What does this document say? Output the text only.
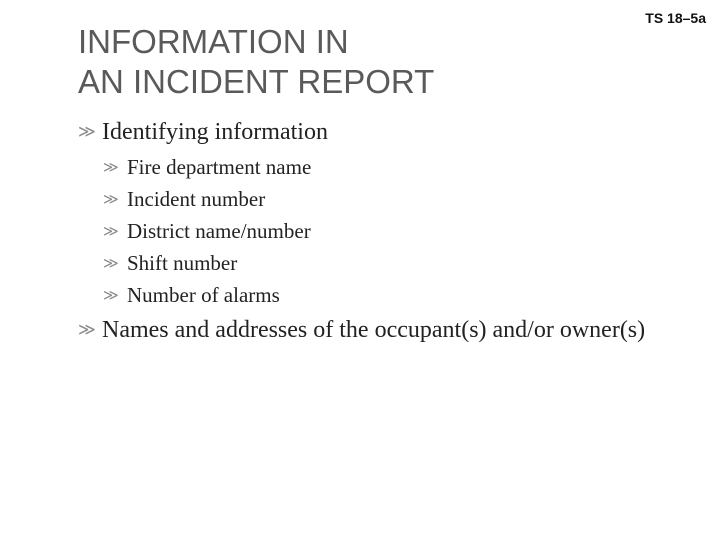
TS 18–5a
INFORMATION IN
AN INCIDENT REPORT
≫ Identifying information
≫ Fire department name
≫ Incident number
≫ District name/number
≫ Shift number
≫ Number of alarms
≫ Names and addresses of the occupant(s) and/or owner(s)
